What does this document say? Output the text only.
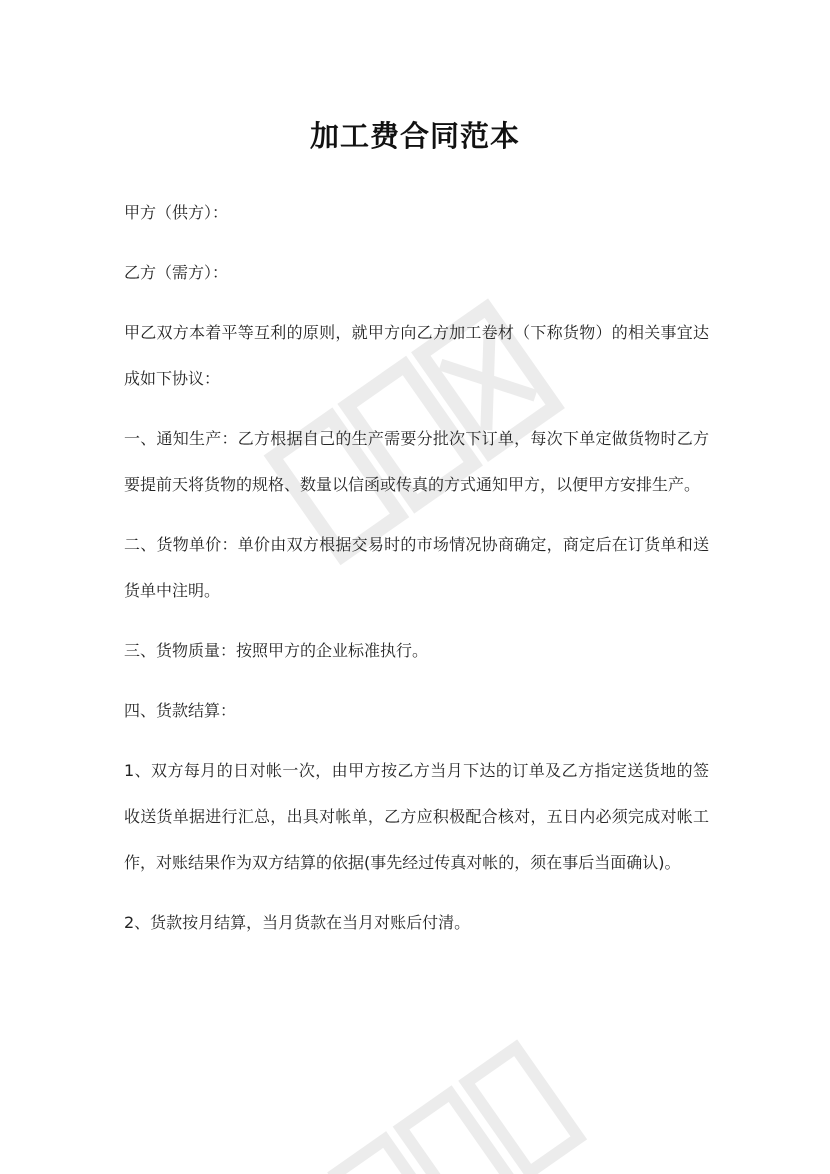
加工费合同范本

甲方（供方）：

乙方（需方）：

甲乙双方本着平等互利的原则，就甲方向乙方加工卷材（下称货物）的相关事宜达成如下协议：

一、通知生产：乙方根据自己的生产需要分批次下订单，每次下单定做货物时乙方要提前天将货物的规格、数量以信函或传真的方式通知甲方，以便甲方安排生产。

二、货物单价：单价由双方根据交易时的市场情况协商确定，商定后在订货单和送货单中注明。

三、货物质量：按照甲方的企业标准执行。

四、货款结算：

1、双方每月的日对帐一次，由甲方按乙方当月下达的订单及乙方指定送货地的签收送货单据进行汇总，出具对帐单，乙方应积极配合核对，五日内必须完成对帐工作，对账结果作为双方结算的依据(事先经过传真对帐的，须在事后当面确认)。

2、货款按月结算，当月货款在当月对账后付清。
